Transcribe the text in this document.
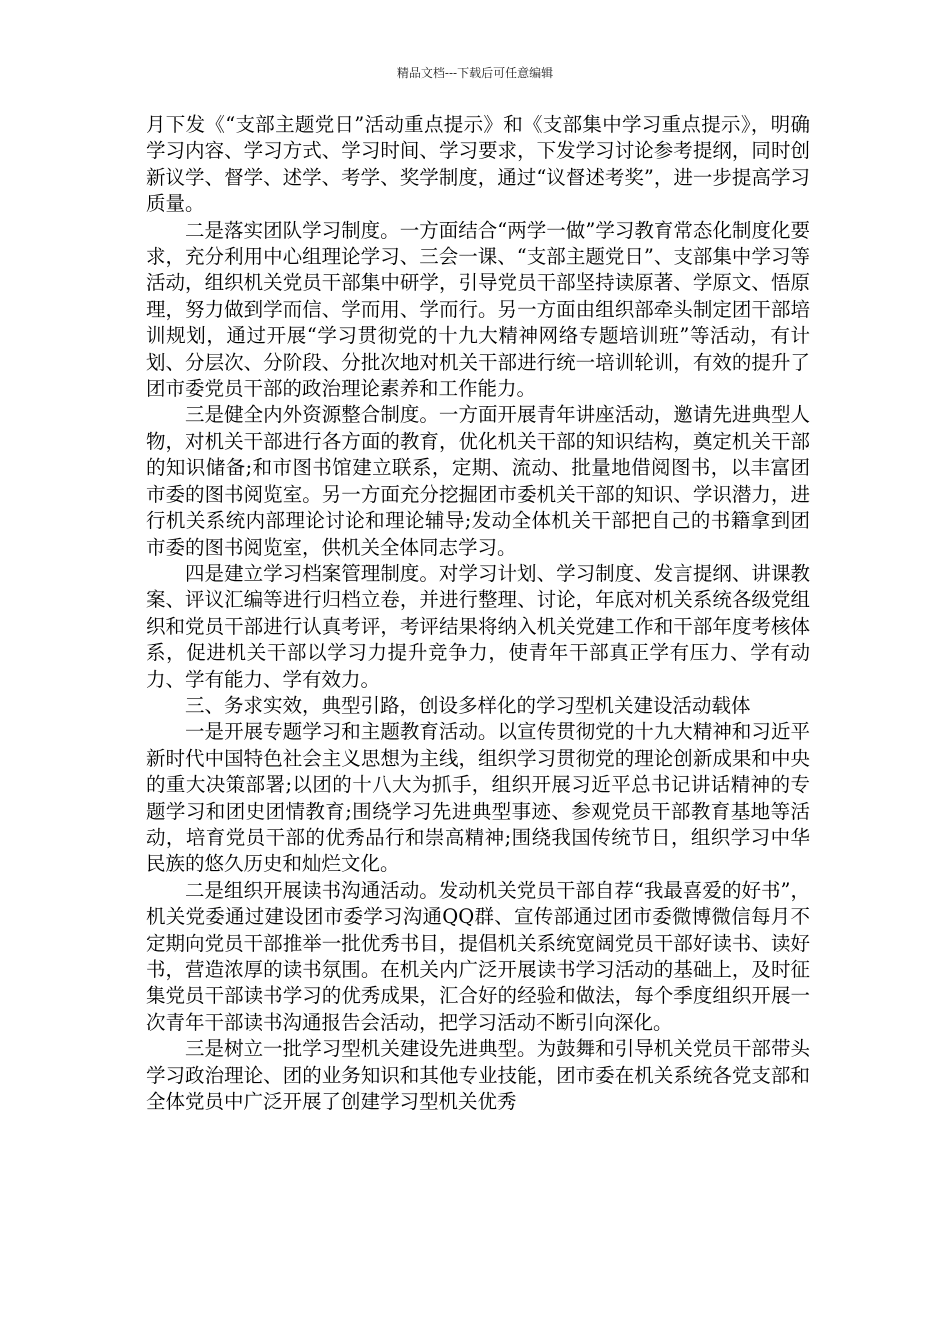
精品文档---下载后可任意编辑

月下发《“支部主题党日”活动重点提示》和《支部集中学习重点提示》，明确学习内容、学习方式、学习时间、学习要求，下发学习讨论参考提纲，同时创新议学、督学、述学、考学、奖学制度，通过“议督述考奖”，进一步提高学习质量。

二是落实团队学习制度。一方面结合“两学一做”学习教育常态化制度化要求，充分利用中心组理论学习、三会一课、“支部主题党日”、支部集中学习等活动，组织机关党员干部集中研学，引导党员干部坚持读原著、学原文、悟原理，努力做到学而信、学而用、学而行。另一方面由组织部牵头制定团干部培训规划，通过开展“学习贯彻党的十九大精神网络专题培训班”等活动，有计划、分层次、分阶段、分批次地对机关干部进行统一培训轮训，有效的提升了团市委党员干部的政治理论素养和工作能力。

三是健全内外资源整合制度。一方面开展青年讲座活动，邀请先进典型人物，对机关干部进行各方面的教育，优化机关干部的知识结构，奠定机关干部的知识储备;和市图书馆建立联系，定期、流动、批量地借阅图书，以丰富团市委的图书阅览室。另一方面充分挖掘团市委机关干部的知识、学识潜力，进行机关系统内部理论讨论和理论辅导;发动全体机关干部把自己的书籍拿到团市委的图书阅览室，供机关全体同志学习。

四是建立学习档案管理制度。对学习计划、学习制度、发言提纲、讲课教案、评议汇编等进行归档立卷，并进行整理、讨论，年底对机关系统各级党组织和党员干部进行认真考评，考评结果将纳入机关党建工作和干部年度考核体系，促进机关干部以学习力提升竞争力，使青年干部真正学有压力、学有动力、学有能力、学有效力。

三、务求实效，典型引路，创设多样化的学习型机关建设活动载体

一是开展专题学习和主题教育活动。以宣传贯彻党的十九大精神和习近平新时代中国特色社会主义思想为主线，组织学习贯彻党的理论创新成果和中央的重大决策部署;以团的十八大为抓手，组织开展习近平总书记讲话精神的专题学习和团史团情教育;围绕学习先进典型事迹、参观党员干部教育基地等活动，培育党员干部的优秀品行和崇高精神;围绕我国传统节日，组织学习中华民族的悠久历史和灿烂文化。

二是组织开展读书沟通活动。发动机关党员干部自荐“我最喜爱的好书”，机关党委通过建设团市委学习沟通QQ群、宣传部通过团市委微博微信每月不定期向党员干部推举一批优秀书目，提倡机关系统宽阔党员干部好读书、读好书，营造浓厚的读书氛围。在机关内广泛开展读书学习活动的基础上，及时征集党员干部读书学习的优秀成果，汇合好的经验和做法，每个季度组织开展一次青年干部读书沟通报告会活动，把学习活动不断引向深化。

三是树立一批学习型机关建设先进典型。为鼓舞和引导机关党员干部带头学习政治理论、团的业务知识和其他专业技能，团市委在机关系统各党支部和全体党员中广泛开展了创建学习型机关优秀
